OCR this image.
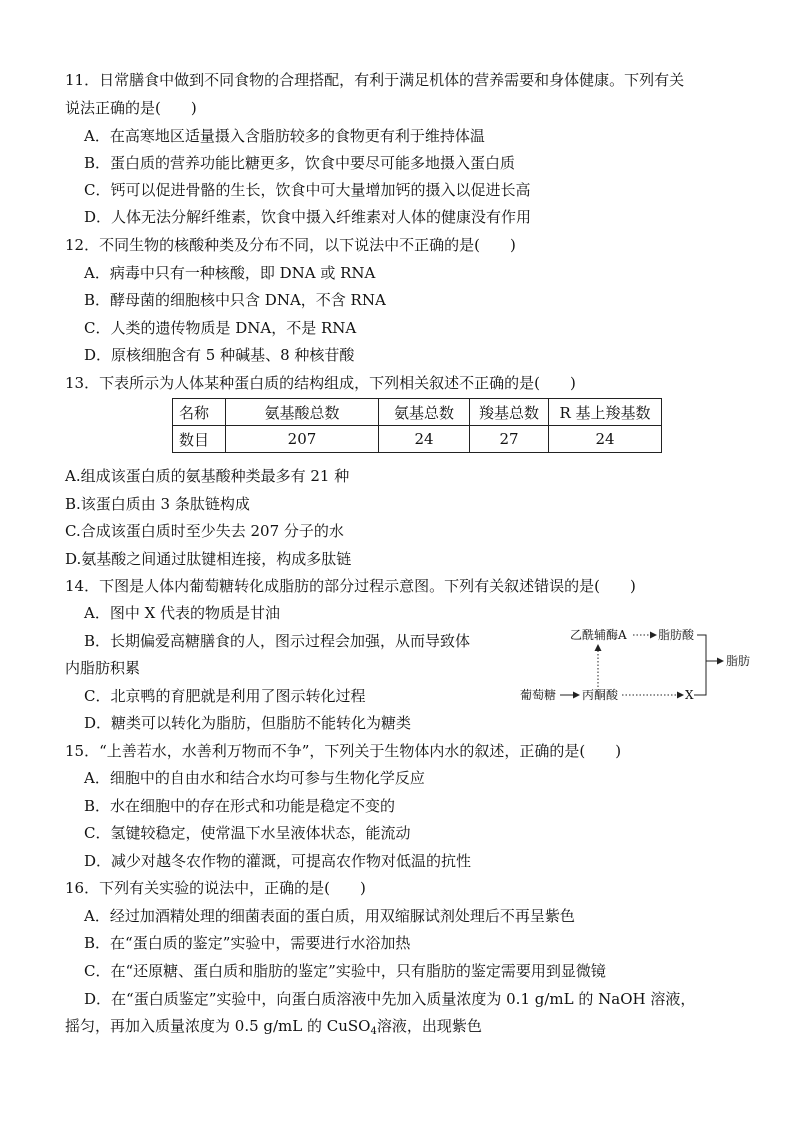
11．日常膳食中做到不同食物的合理搭配，有利于满足机体的营养需要和身体健康。下列有关
说法正确的是(　　)
A．在高寒地区适量摄入含脂肪较多的食物更有利于维持体温
B．蛋白质的营养功能比糖更多，饮食中要尽可能多地摄入蛋白质
C．钙可以促进骨骼的生长，饮食中可大量增加钙的摄入以促进长高
D．人体无法分解纤维素，饮食中摄入纤维素对人体的健康没有作用
12．不同生物的核酸种类及分布不同，以下说法中不正确的是(　　)
A．病毒中只有一种核酸，即 DNA 或 RNA
B．酵母菌的细胞核中只含 DNA，不含 RNA
C．人类的遗传物质是 DNA，不是 RNA
D．原核细胞含有 5 种碱基、8 种核苷酸
13．下表所示为人体某种蛋白质的结构组成，下列相关叙述不正确的是(　　)
名称	氨基酸总数	氨基总数	羧基总数	R 基上羧基数
数目	207	24	27	24
A.组成该蛋白质的氨基酸种类最多有 21 种
B.该蛋白质由 3 条肽链构成
C.合成该蛋白质时至少失去 207 分子的水
D.氨基酸之间通过肽键相连接，构成多肽链
14．下图是人体内葡萄糖转化成脂肪的部分过程示意图。下列有关叙述错误的是(　　)
A．图中 X 代表的物质是甘油
B．长期偏爱高糖膳食的人，图示过程会加强，从而导致体
内脂肪积累
C．北京鸭的育肥就是利用了图示转化过程
D．糖类可以转化为脂肪，但脂肪不能转化为糖类
乙酰辅酶A	脂肪酸
脂肪
葡萄糖 丙酮酸	X
15．“上善若水，水善利万物而不争”，下列关于生物体内水的叙述，正确的是(　　)
A．细胞中的自由水和结合水均可参与生物化学反应
B．水在细胞中的存在形式和功能是稳定不变的
C．氢键较稳定，使常温下水呈液体状态，能流动
D．减少对越冬农作物的灌溉，可提高农作物对低温的抗性
16．下列有关实验的说法中，正确的是(　　)
A．经过加酒精处理的细菌表面的蛋白质，用双缩脲试剂处理后不再呈紫色
B．在“蛋白质的鉴定”实验中，需要进行水浴加热
C．在“还原糖、蛋白质和脂肪的鉴定”实验中，只有脂肪的鉴定需要用到显微镜
D．在“蛋白质鉴定”实验中，向蛋白质溶液中先加入质量浓度为 0.1 g/mL 的 NaOH 溶液，
摇匀，再加入质量浓度为 0.5 g/mL 的 CuSO$_4$溶液，出现紫色
